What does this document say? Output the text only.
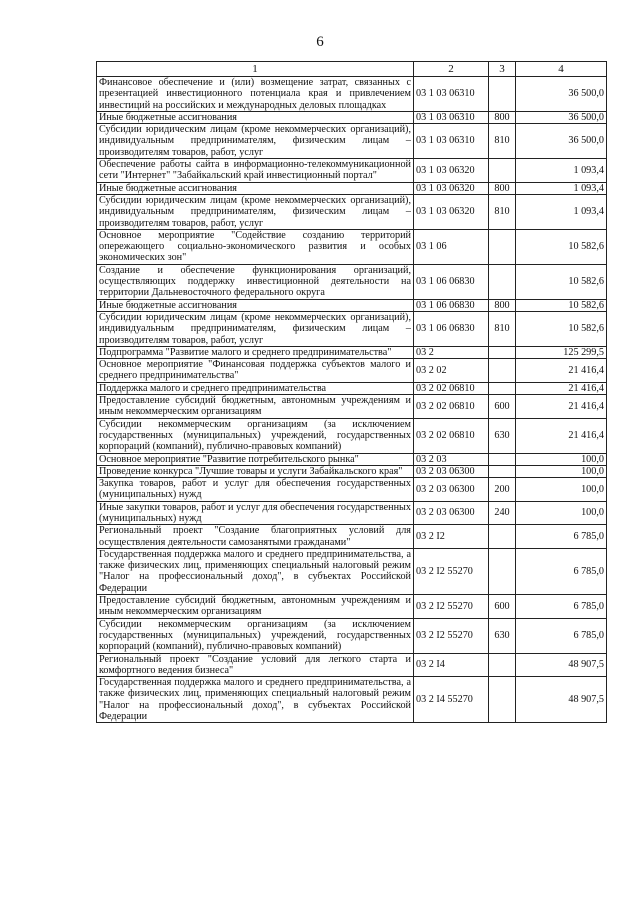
6
1	2	3	4
Финансовое обеспечение и (или) возмещение затрат, связанных с презентацией инвестиционного потенциала края и привлечением инвестиций на российских и международных деловых площадках	03 1 03 06310		36 500,0
Иные бюджетные ассигнования	03 1 03 06310	800	36 500,0
Субсидии юридическим лицам (кроме некоммерческих организаций), индивидуальным предпринимателям, физическим лицам – производителям товаров, работ, услуг	03 1 03 06310	810	36 500,0
Обеспечение работы сайта в информационно-телекоммуникационной сети "Интернет" "Забайкальский край инвестиционный портал"	03 1 03 06320		1 093,4
Иные бюджетные ассигнования	03 1 03 06320	800	1 093,4
Субсидии юридическим лицам (кроме некоммерческих организаций), индивидуальным предпринимателям, физическим лицам – производителям товаров, работ, услуг	03 1 03 06320	810	1 093,4
Основное мероприятие "Содействие созданию территорий опережающего социально-экономического развития и особых экономических зон"	03 1 06		10 582,6
Создание и обеспечение функционирования организаций, осуществляющих поддержку инвестиционной деятельности на территории Дальневосточного федерального округа	03 1 06 06830		10 582,6
Иные бюджетные ассигнования	03 1 06 06830	800	10 582,6
Субсидии юридическим лицам (кроме некоммерческих организаций), индивидуальным предпринимателям, физическим лицам – производителям товаров, работ, услуг	03 1 06 06830	810	10 582,6
Подпрограмма "Развитие малого и среднего предпринимательства"	03 2		125 299,5
Основное мероприятие "Финансовая поддержка субъектов малого и среднего предпринимательства"	03 2 02		21 416,4
Поддержка малого и среднего предпринимательства	03 2 02 06810		21 416,4
Предоставление субсидий бюджетным, автономным учреждениям и иным некоммерческим организациям	03 2 02 06810	600	21 416,4
Субсидии некоммерческим организациям (за исключением государственных (муниципальных) учреждений, государственных корпораций (компаний), публично-правовых компаний)	03 2 02 06810	630	21 416,4
Основное мероприятие "Развитие потребительского рынка"	03 2 03		100,0
Проведение конкурса "Лучшие товары и услуги Забайкальского края"	03 2 03 06300		100,0
Закупка товаров, работ и услуг для обеспечения государственных (муниципальных) нужд	03 2 03 06300	200	100,0
Иные закупки товаров, работ и услуг для обеспечения государственных (муниципальных) нужд	03 2 03 06300	240	100,0
Региональный проект "Создание благоприятных условий для осуществления деятельности самозанятыми гражданами"	03 2 I2		6 785,0
Государственная поддержка малого и среднего предпринимательства, а также физических лиц, применяющих специальный налоговый режим "Налог на профессиональный доход", в субъектах Российской Федерации	03 2 I2 55270		6 785,0
Предоставление субсидий бюджетным, автономным учреждениям и иным некоммерческим организациям	03 2 I2 55270	600	6 785,0
Субсидии некоммерческим организациям (за исключением государственных (муниципальных) учреждений, государственных корпораций (компаний), публично-правовых компаний)	03 2 I2 55270	630	6 785,0
Региональный проект "Создание условий для легкого старта и комфортного ведения бизнеса"	03 2 I4		48 907,5
Государственная поддержка малого и среднего предпринимательства, а также физических лиц, применяющих специальный налоговый режим "Налог на профессиональный доход", в субъектах Российской Федерации	03 2 I4 55270		48 907,5
